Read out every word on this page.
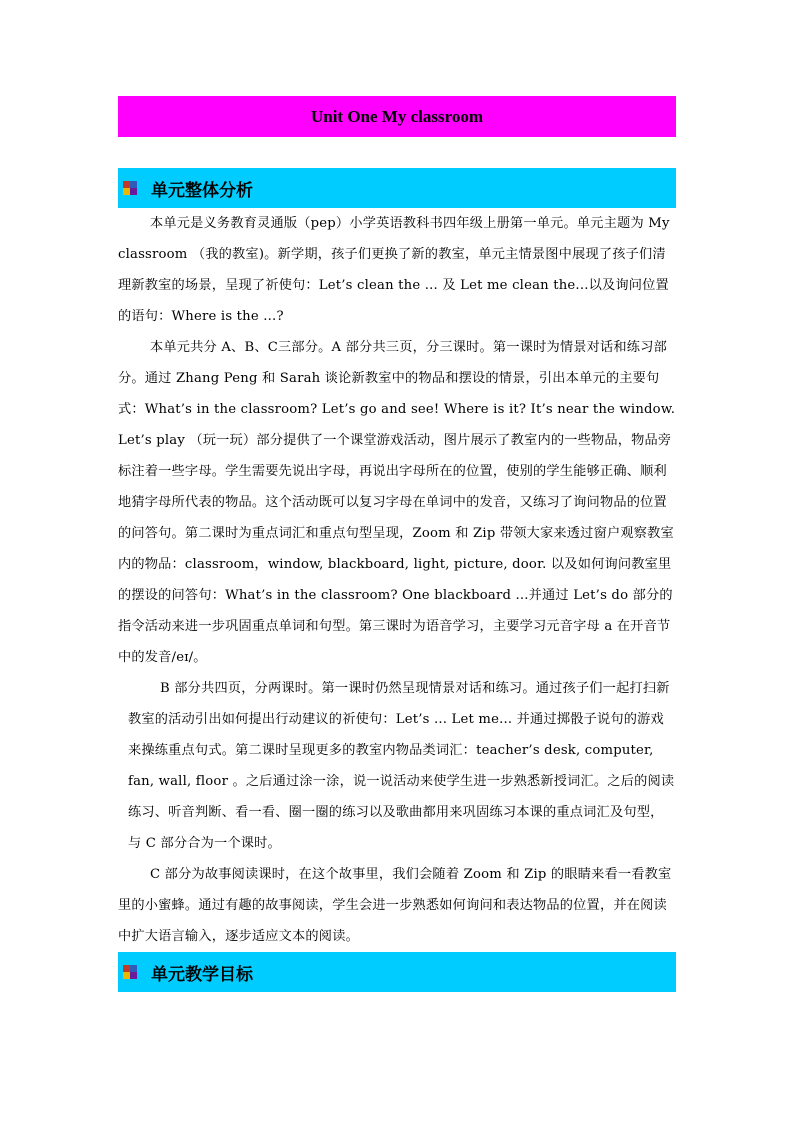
Unit One My classroom
单元整体分析

本单元是义务教育灵通版（pep）小学英语教科书四年级上册第一单元。单元主题为 My classroom （我的教室)。新学期，孩子们更换了新的教室，单元主情景图中展现了孩子们清理新教室的场景，呈现了祈使句：Let’s clean the ... 及 Let me clean the...以及询问位置的语句：Where is the ...?

本单元共分 A、B、C三部分。A 部分共三页，分三课时。第一课时为情景对话和练习部分。通过 Zhang Peng 和 Sarah 谈论新教室中的物品和摆设的情景，引出本单元的主要句式：What’s in the classroom? Let’s go and see! Where is it? It’s near the window. Let’s play （玩一玩）部分提供了一个课堂游戏活动，图片展示了教室内的一些物品，物品旁标注着一些字母。学生需要先说出字母，再说出字母所在的位置，使别的学生能够正确、顺利地猜字母所代表的物品。这个活动既可以复习字母在单词中的发音，又练习了询问物品的位置的问答句。第二课时为重点词汇和重点句型呈现，Zoom 和 Zip 带领大家来透过窗户观察教室内的物品：classroom，window, blackboard, light, picture, door. 以及如何询问教室里的摆设的问答句：What’s in the classroom? One blackboard ...并通过 Let’s do 部分的指令活动来进一步巩固重点单词和句型。第三课时为语音学习，主要学习元音字母 a 在开音节中的发音/eɪ/。

B 部分共四页，分两课时。第一课时仍然呈现情景对话和练习。通过孩子们一起打扫新教室的活动引出如何提出行动建议的祈使句：Let’s ... Let me... 并通过掷骰子说句的游戏来操练重点句式。第二课时呈现更多的教室内物品类词汇：teacher’s desk, computer, fan, wall, floor 。之后通过涂一涂，说一说活动来使学生进一步熟悉新授词汇。之后的阅读练习、听音判断、看一看、圈一圈的练习以及歌曲都用来巩固练习本课的重点词汇及句型，与 C 部分合为一个课时。

C 部分为故事阅读课时，在这个故事里，我们会随着 Zoom 和 Zip 的眼睛来看一看教室里的小蜜蜂。通过有趣的故事阅读，学生会进一步熟悉如何询问和表达物品的位置，并在阅读中扩大语言输入，逐步适应文本的阅读。

单元教学目标
